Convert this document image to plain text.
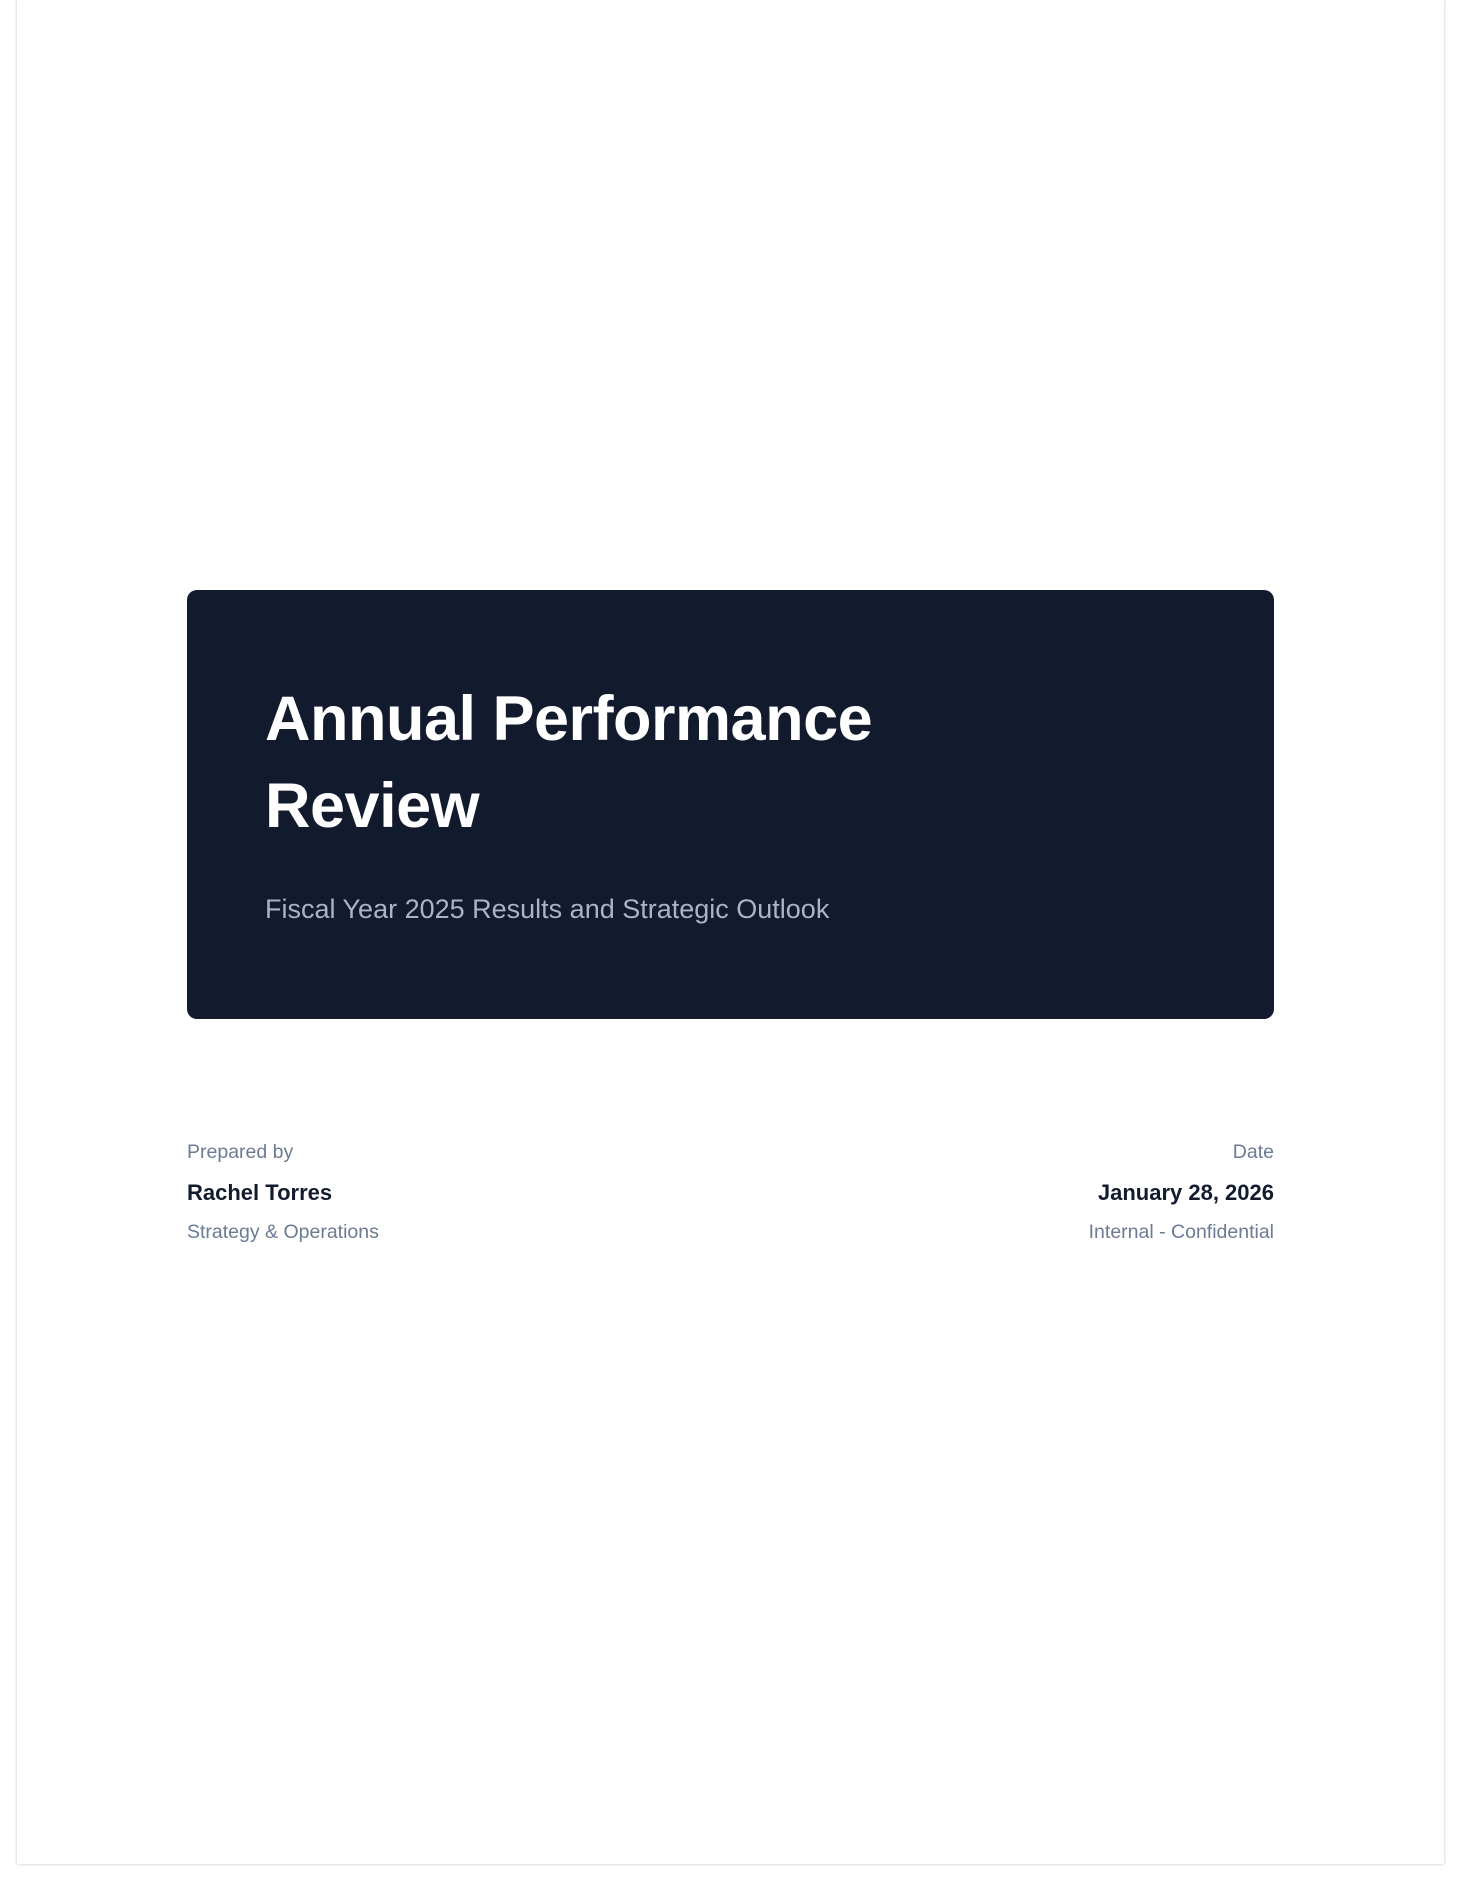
Annual Performance Review

Fiscal Year 2025 Results and Strategic Outlook

Prepared by
Rachel Torres
Strategy & Operations
Date
January 28, 2026
Internal - Confidential
